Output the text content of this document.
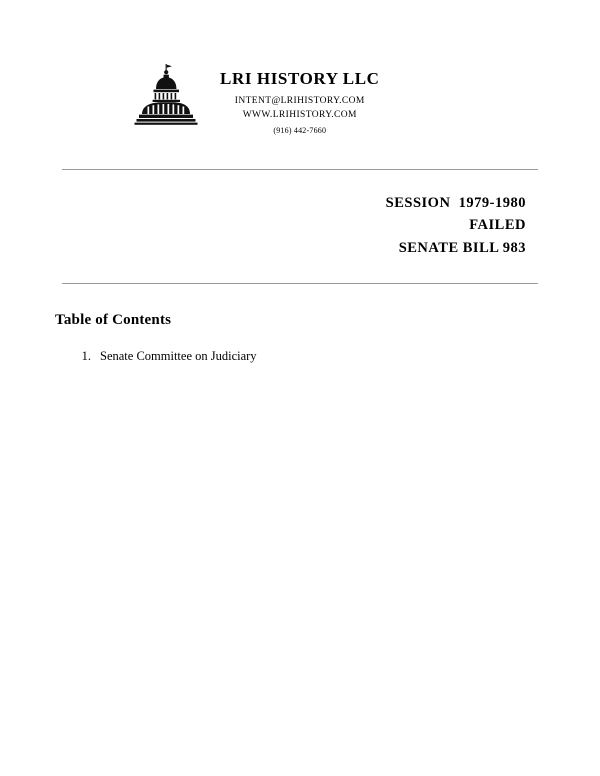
LRI HISTORY LLC
INTENT@LRIHISTORY.COM
WWW.LRIHISTORY.COM
(916) 442-7660
SESSION  1979-1980
FAILED
SENATE BILL 983
Table of Contents
1. Senate Committee on Judiciary
